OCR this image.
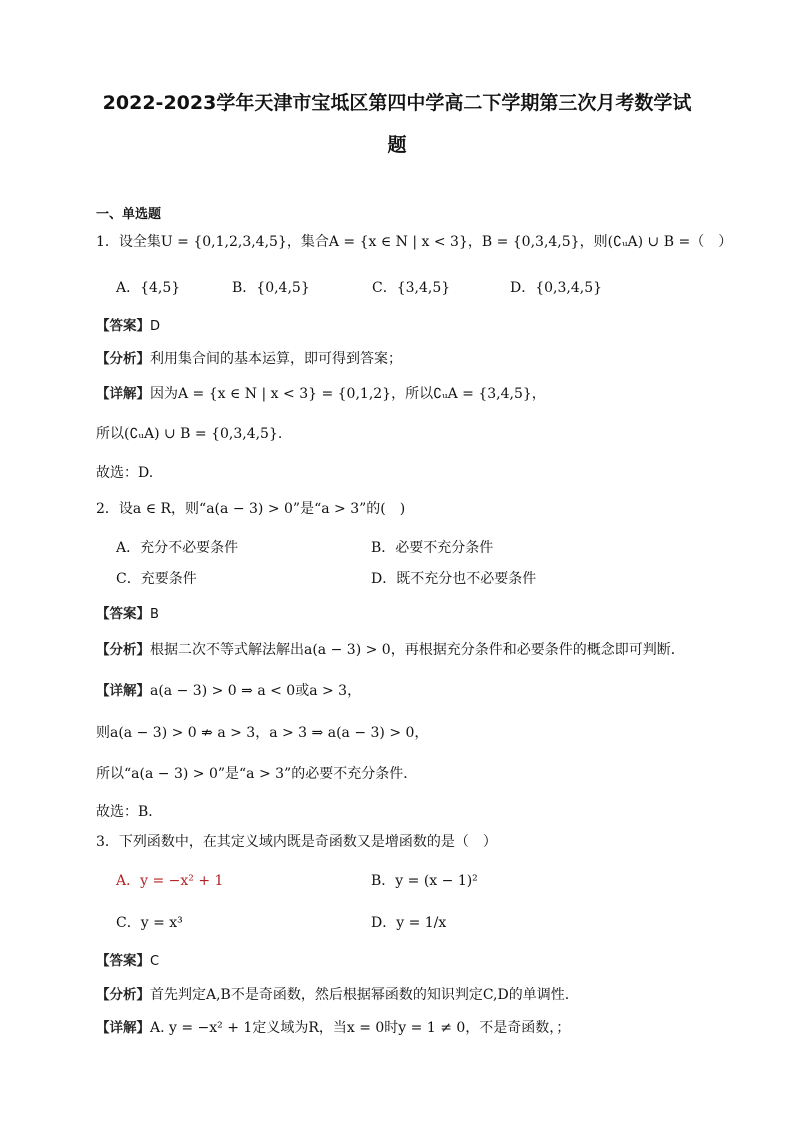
2022-2023学年天津市宝坻区第四中学高二下学期第三次月考数学试
题
一、单选题
1．设全集U = {0,1,2,3,4,5}，集合A = {x ∈ N | x < 3}，B = {0,3,4,5}，则(∁ᵤA) ∪ B =（　）
A．{4,5}	B．{0,4,5}	C．{3,4,5}	D．{0,3,4,5}
【答案】D
【分析】利用集合间的基本运算，即可得到答案；
【详解】因为A = {x ∈ N | x < 3} = {0,1,2}，所以∁ᵤA = {3,4,5}，
所以(∁ᵤA) ∪ B = {0,3,4,5}.
故选：D.
2．设a ∈ R，则“a(a − 3) > 0”是“a > 3”的(　)
A．充分不必要条件	B．必要不充分条件
C．充要条件	D．既不充分也不必要条件
【答案】B
【分析】根据二次不等式解法解出a(a − 3) > 0，再根据充分条件和必要条件的概念即可判断．
【详解】a(a − 3) > 0 ⇒ a < 0或a > 3，
则a(a − 3) > 0 ⇏ a > 3，a > 3 ⇒ a(a − 3) > 0，
所以“a(a − 3) > 0”是“a > 3”的必要不充分条件．
故选：B．
3．下列函数中，在其定义域内既是奇函数又是增函数的是（　）
A．y = −x² + 1	B．y = (x − 1)²
C．y = x³	D．y = 1/x
【答案】C
【分析】首先判定A,B不是奇函数，然后根据幂函数的知识判定C,D的单调性.
【详解】A. y = −x² + 1定义域为R，当x = 0时y = 1 ≠ 0，不是奇函数，；
